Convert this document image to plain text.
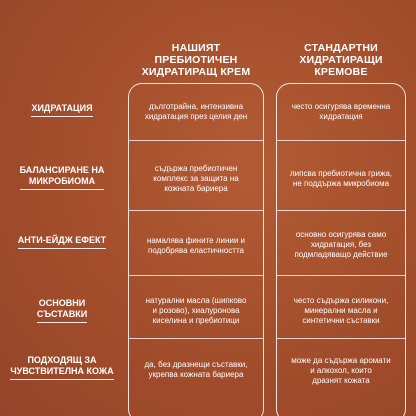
НАШИЯТ
ПРЕБИОТИЧЕН
ХИДРАТИРАЩ КРЕМ
СТАНДАРТНИ
ХИДРАТИРАЩИ
КРЕМОВЕ
ХИДРАТАЦИЯ	дълготрайна, интензивна
хидратация през целия ден
често осигурява временна
хидратация
БАЛАНСИРАНЕ НА
МИКРОБИОМА
съдържа пребиотичен
комплекс за защита на
кожната бариера
липсва пребиотична грижа,
не поддържа микробиома
АНТИ-ЕЙДЖ ЕФЕКТ	намалява фините линии и
подобрява еластичността
основно осигурява само
хидратация, без
подмладяващо действие
ОСНОВНИ
СЪСТАВКИ
натурални масла (шипково
и розово), хиалуронова
киселина и пребиотици
често съдържа силикони,
минерални масла и
синтетични съставки
ПОДХОДЯЩ ЗА
ЧУВСТВИТЕЛНА КОЖА
да, без дразнещи съставки,
укрепва кожната бариера
може да съдържа аромати
и алкохол, които
дразнят кожата
